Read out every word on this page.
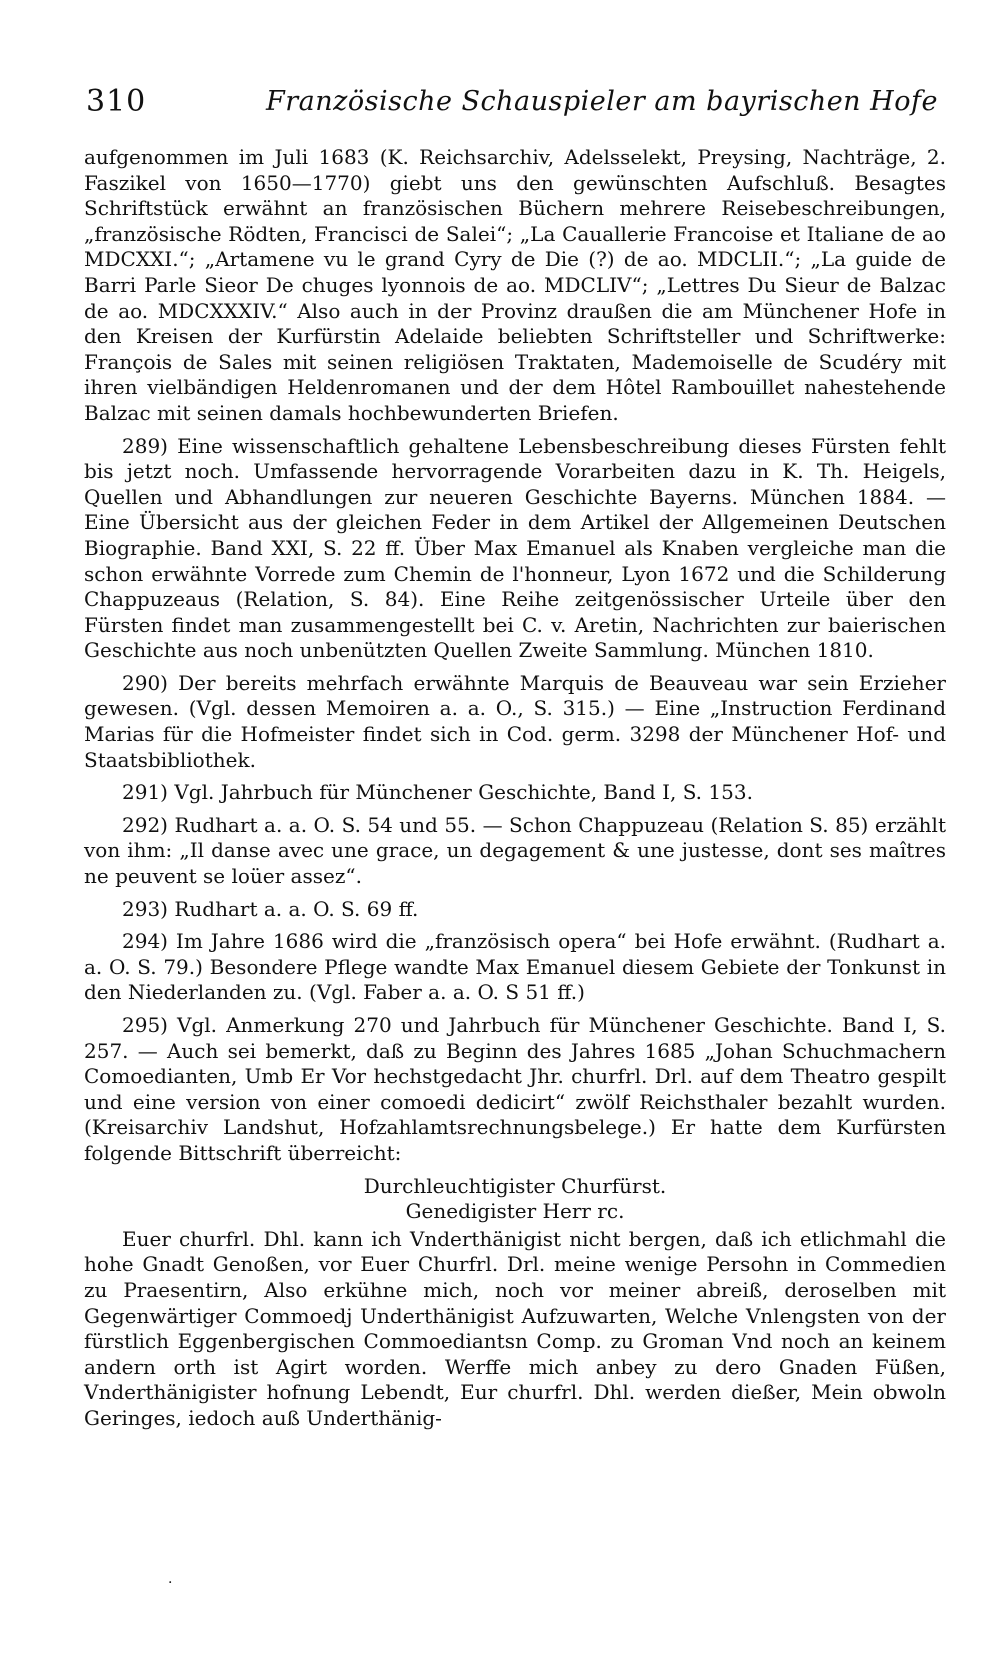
310	Französische Schauspieler am bayrischen Hofe

aufgenommen im Juli 1683 (K. Reichsarchiv, Adelsselekt, Preysing, Nachträge, 2. Faszikel von 1650—1770) giebt uns den gewünschten Aufschluß. Besagtes Schriftstück erwähnt an französischen Büchern mehrere Reisebeschreibungen, „französische Rödten, Francisci de Salei“; „La Cauallerie Francoise et Italiane de ao MDCXXI.“; „Artamene vu le grand Cyry de Die (?) de ao. MDCLII.“; „La guide de Barri Parle Sieor De chuges lyonnois de ao. MDCLIV“; „Lettres Du Sieur de Balzac de ao. MDCXXXIV.“ Also auch in der Provinz draußen die am Münchener Hofe in den Kreisen der Kurfürstin Adelaide beliebten Schriftsteller und Schriftwerke: François de Sales mit seinen religiösen Traktaten, Mademoiselle de Scudéry mit ihren vielbändigen Heldenromanen und der dem Hôtel Rambouillet nahestehende Balzac mit seinen damals hochbewunderten Briefen.

289) Eine wissenschaftlich gehaltene Lebensbeschreibung dieses Fürsten fehlt bis jetzt noch. Umfassende hervorragende Vorarbeiten dazu in K. Th. Heigels, Quellen und Abhandlungen zur neueren Geschichte Bayerns. München 1884. — Eine Übersicht aus der gleichen Feder in dem Artikel der Allgemeinen Deutschen Biographie. Band XXI, S. 22 ff. Über Max Emanuel als Knaben vergleiche man die schon erwähnte Vorrede zum Chemin de l'honneur, Lyon 1672 und die Schilderung Chappuzeaus (Relation, S. 84). Eine Reihe zeitgenössischer Urteile über den Fürsten findet man zusammengestellt bei C. v. Aretin, Nachrichten zur baierischen Geschichte aus noch unbenützten Quellen Zweite Sammlung. München 1810.

290) Der bereits mehrfach erwähnte Marquis de Beauveau war sein Erzieher gewesen. (Vgl. dessen Memoiren a. a. O., S. 315.) — Eine „Instruction Ferdinand Marias für die Hofmeister findet sich in Cod. germ. 3298 der Münchener Hof- und Staatsbibliothek.

291) Vgl. Jahrbuch für Münchener Geschichte, Band I, S. 153.

292) Rudhart a. a. O. S. 54 und 55. — Schon Chappuzeau (Relation S. 85) erzählt von ihm: „Il danse avec une grace, un degagement & une justesse, dont ses maîtres ne peuvent se loüer assez“.

293) Rudhart a. a. O. S. 69 ff.

294) Im Jahre 1686 wird die „französisch opera“ bei Hofe erwähnt. (Rudhart a. a. O. S. 79.) Besondere Pflege wandte Max Emanuel diesem Gebiete der Tonkunst in den Niederlanden zu. (Vgl. Faber a. a. O. S 51 ff.)

295) Vgl. Anmerkung 270 und Jahrbuch für Münchener Geschichte. Band I, S. 257. — Auch sei bemerkt, daß zu Beginn des Jahres 1685 „Johan Schuchmachern Comoedianten, Umb Er Vor hechstgedacht Jhr. churfrl. Drl. auf dem Theatro gespilt und eine version von einer comoedi dedicirt“ zwölf Reichsthaler bezahlt wurden. (Kreisarchiv Landshut, Hofzahlamtsrechnungsbelege.) Er hatte dem Kurfürsten folgende Bittschrift überreicht:

Durchleuchtigister Churfürst.

Genedigister Herr rc.

Euer churfrl. Dhl. kann ich Vnderthänigist nicht bergen, daß ich etlichmahl die hohe Gnadt Genoßen, vor Euer Churfrl. Drl. meine wenige Persohn in Commedien zu Praesentirn, Also erkühne mich, noch vor meiner abreiß, deroselben mit Gegenwärtiger Commoedj Underthänigist Aufzuwarten, Welche Vnlengsten von der fürstlich Eggenbergischen Commoediantsn Comp. zu Groman Vnd noch an keinem andern orth ist Agirt worden. Werffe mich anbey zu dero Gnaden Füßen, Vnderthänigister hofnung Lebendt, Eur churfrl. Dhl. werden dießer, Mein obwoln Geringes, iedoch auß Underthänig-

·
